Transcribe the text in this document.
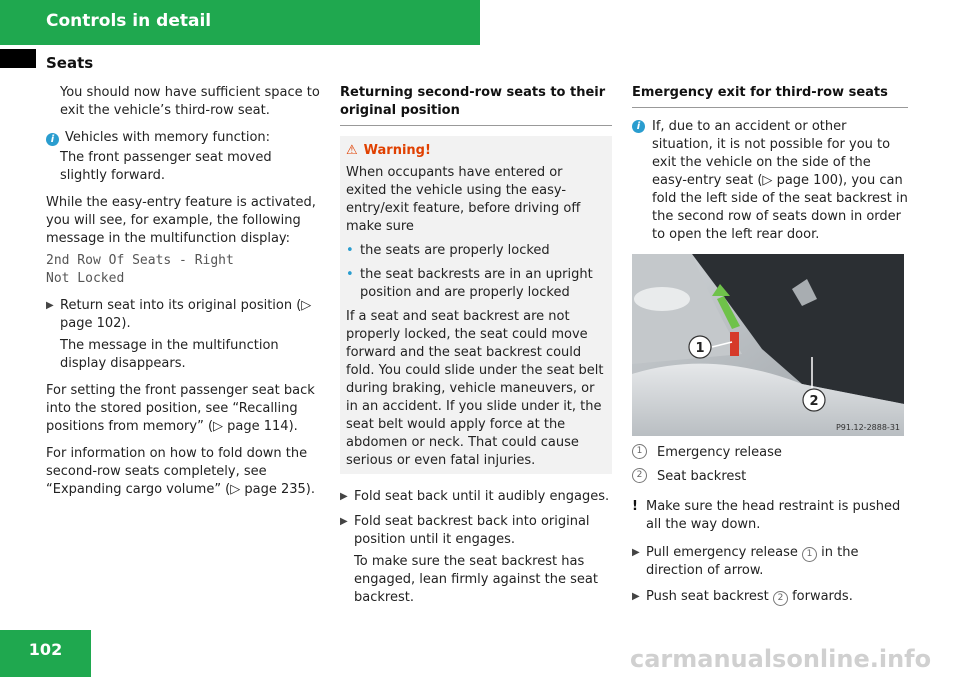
Controls in detail
Seats

You should now have sufficient space to exit the vehicle’s third-row seat.

i Vehicles with memory function:

The front passenger seat moved slightly forward.

While the easy-entry feature is activated, you will see, for example, the following message in the multifunction display:

2nd Row Of Seats - Right
Not Locked
▶ Return seat into its original position (▷ page 102).

The message in the multifunction display disappears.

For setting the front passenger seat back into the stored position, see “Recalling positions from memory” (▷ page 114).

For information on how to fold down the second-row seats completely, see “Expanding cargo volume” (▷ page 235).

Returning second-row seats to their original position
⚠ Warning!

When occupants have entered or exited the vehicle using the easy-entry/exit feature, before driving off make sure

• the seats are properly locked
• the seat backrests are in an upright position and are properly locked

If a seat and seat backrest are not properly locked, the seat could move forward and the seat backrest could fold. You could slide under the seat belt during braking, vehicle maneuvers, or in an accident. If you slide under it, the seat belt would apply force at the abdomen or neck. That could cause serious or even fatal injuries.

▶ Fold seat back until it audibly engages.
▶ Fold seat backrest back into original position until it engages.

To make sure the seat backrest has engaged, lean firmly against the seat backrest.

Emergency exit for third-row seats
i If, due to an accident or other situation, it is not possible for you to exit the vehicle on the side of the easy-entry seat (▷ page 100), you can fold the left side of the seat backrest in the second row of seats down in order to open the left rear door.
1
2
P91.12-2888-31
1	Emergency release
2	Seat backrest
! Make sure the head restraint is pushed all the way down.
▶ Pull emergency release 1 in the direction of arrow.
▶ Push seat backrest 2 forwards.
102	carmanualsonline.info
